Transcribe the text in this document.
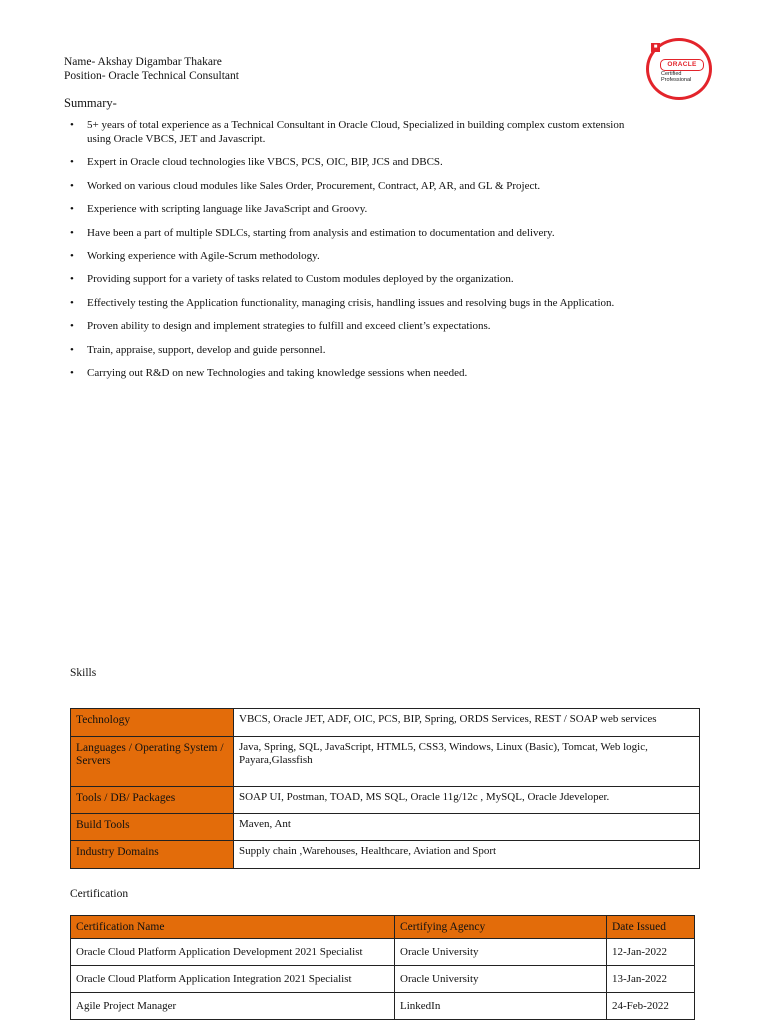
Name- Akshay Digambar Thakare
Position- Oracle Technical Consultant
■
ORACLE
Certified
Professional
Summary-
• 5+ years of total experience as a Technical Consultant in Oracle Cloud, Specialized in building complex custom extension using Oracle VBCS, JET and Javascript.
• Expert in Oracle cloud technologies like VBCS, PCS, OIC, BIP, JCS and DBCS.
• Worked on various cloud modules like Sales Order, Procurement, Contract, AP, AR, and GL & Project.
• Experience with scripting language like JavaScript and Groovy.
• Have been a part of multiple SDLCs, starting from analysis and estimation to documentation and delivery.
• Working experience with Agile-Scrum methodology.
• Providing support for a variety of tasks related to Custom modules deployed by the organization.
• Effectively testing the Application functionality, managing crisis, handling issues and resolving bugs in the Application.
• Proven ability to design and implement strategies to fulfill and exceed client’s expectations.
• Train, appraise, support, develop and guide personnel.
• Carrying out R&D on new Technologies and taking knowledge sessions when needed.
Skills
Technology	VBCS, Oracle JET, ADF, OIC, PCS, BIP, Spring, ORDS Services, REST / SOAP web services
Languages / Operating System / Servers	Java, Spring, SQL, JavaScript, HTML5, CSS3, Windows, Linux (Basic), Tomcat, Web logic, Payara,Glassfish
Tools / DB/ Packages	SOAP UI, Postman, TOAD, MS SQL, Oracle 11g/12c , MySQL, Oracle Jdeveloper.
Build Tools	Maven, Ant
Industry Domains	Supply chain ,Warehouses, Healthcare, Aviation and Sport
Certification
Certification Name	Certifying Agency	Date Issued
Oracle Cloud Platform Application Development 2021 Specialist	Oracle University	12-Jan-2022
Oracle Cloud Platform Application Integration 2021 Specialist	Oracle University	13-Jan-2022
Agile Project Manager	LinkedIn	24-Feb-2022
